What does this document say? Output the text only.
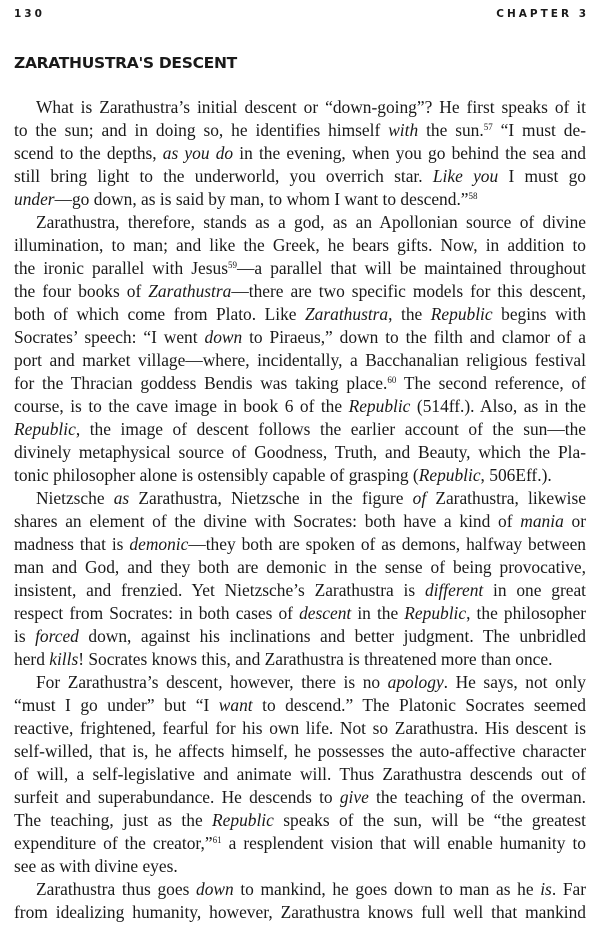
130	CHAPTER 3
ZARATHUSTRA'S DESCENT
What is Zarathustra’s initial descent or “down-going”? He first speaks of it
to the sun; and in doing so, he identifies himself with the sun.$^{57}$ “I must de-
scend to the depths, as you do in the evening, when you go behind the sea and
still bring light to the underworld, you overrich star. Like you I must go
under—go down, as is said by man, to whom I want to descend.”$^{58}$
Zarathustra, therefore, stands as a god, as an Apollonian source of divine
illumination, to man; and like the Greek, he bears gifts. Now, in addition to
the ironic parallel with Jesus$^{59}$—a parallel that will be maintained throughout
the four books of Zarathustra—there are two specific models for this descent,
both of which come from Plato. Like Zarathustra, the Republic begins with
Socrates’ speech: “I went down to Piraeus,” down to the filth and clamor of a
port and market village—where, incidentally, a Bacchanalian religious festival
for the Thracian goddess Bendis was taking place.$^{60}$ The second reference, of
course, is to the cave image in book 6 of the Republic (514ff.). Also, as in the
Republic, the image of descent follows the earlier account of the sun—the
divinely metaphysical source of Goodness, Truth, and Beauty, which the Pla-
tonic philosopher alone is ostensibly capable of grasping (Republic, 506Eff.).
Nietzsche as Zarathustra, Nietzsche in the figure of Zarathustra, likewise
shares an element of the divine with Socrates: both have a kind of mania or
madness that is demonic—they both are spoken of as demons, halfway between
man and God, and they both are demonic in the sense of being provocative,
insistent, and frenzied. Yet Nietzsche’s Zarathustra is different in one great
respect from Socrates: in both cases of descent in the Republic, the philosopher
is forced down, against his inclinations and better judgment. The unbridled
herd kills! Socrates knows this, and Zarathustra is threatened more than once.
For Zarathustra’s descent, however, there is no apology. He says, not only
“must I go under” but “I want to descend.” The Platonic Socrates seemed
reactive, frightened, fearful for his own life. Not so Zarathustra. His descent is
self-willed, that is, he affects himself, he possesses the auto-affective character
of will, a self-legislative and animate will. Thus Zarathustra descends out of
surfeit and superabundance. He descends to give the teaching of the overman.
The teaching, just as the Republic speaks of the sun, will be “the greatest
expenditure of the creator,”$^{61}$ a resplendent vision that will enable humanity to
see as with divine eyes.
Zarathustra thus goes down to mankind, he goes down to man as he is. Far
from idealizing humanity, however, Zarathustra knows full well that mankind
